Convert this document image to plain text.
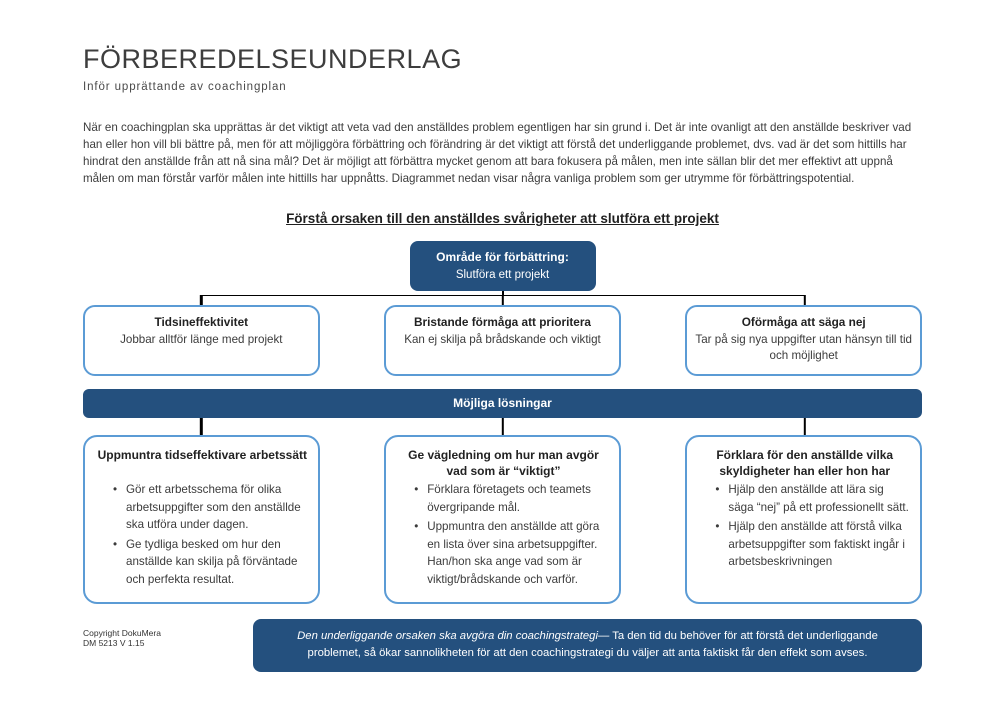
FÖRBEREDELSEUNDERLAG
Inför upprättande av coachingplan

När en coachingplan ska upprättas är det viktigt att veta vad den anställdes problem egentligen har sin grund i. Det är inte ovanligt att den anställde beskriver vad han eller hon vill bli bättre på, men för att möjliggöra förbättring och förändring är det viktigt att förstå det underliggande problemet, dvs. vad är det som hittills har hindrat den anställde från att nå sina mål? Det är möjligt att förbättra mycket genom att bara fokusera på målen, men inte sällan blir det mer effektivt att uppnå målen om man förstår varför målen inte hittills har uppnåtts. Diagrammet nedan visar några vanliga problem som ger utrymme för förbättringspotential.

Förstå orsaken till den anställdes svårigheter att slutföra ett projekt
Område för förbättring:
Slutföra ett projekt
Tidsineffektivitet
Jobbar alltför länge med projekt
Bristande förmåga att prioritera
Kan ej skilja på brådskande och viktigt
Oförmåga att säga nej
Tar på sig nya uppgifter utan hänsyn till tid och möjlighet
Möjliga lösningar
Uppmuntra tidseffektivare arbetssätt
• Gör ett arbetsschema för olika arbetsuppgifter som den anställde ska utföra under dagen.
• Ge tydliga besked om hur den anställde kan skilja på förväntade och perfekta resultat.
Ge vägledning om hur man avgör vad som är “viktigt”
• Förklara företagets och teamets övergripande mål.
• Uppmuntra den anställde att göra en lista över sina arbetsuppgifter. Han/hon ska ange vad som är viktigt/brådskande och varför.
Förklara för den anställde vilka skyldigheter han eller hon har
• Hjälp den anställde att lära sig säga “nej” på ett professionellt sätt.
• Hjälp den anställde att förstå vilka arbetsuppgifter som faktiskt ingår i arbetsbeskrivningen
Copyright DokuMera
DM 5213 V 1.15
Den underliggande orsaken ska avgöra din coachingstrategi— Ta den tid du behöver för att förstå det underliggande problemet, så ökar sannolikheten för att den coachingstrategi du väljer att anta faktiskt får den effekt som avses.
